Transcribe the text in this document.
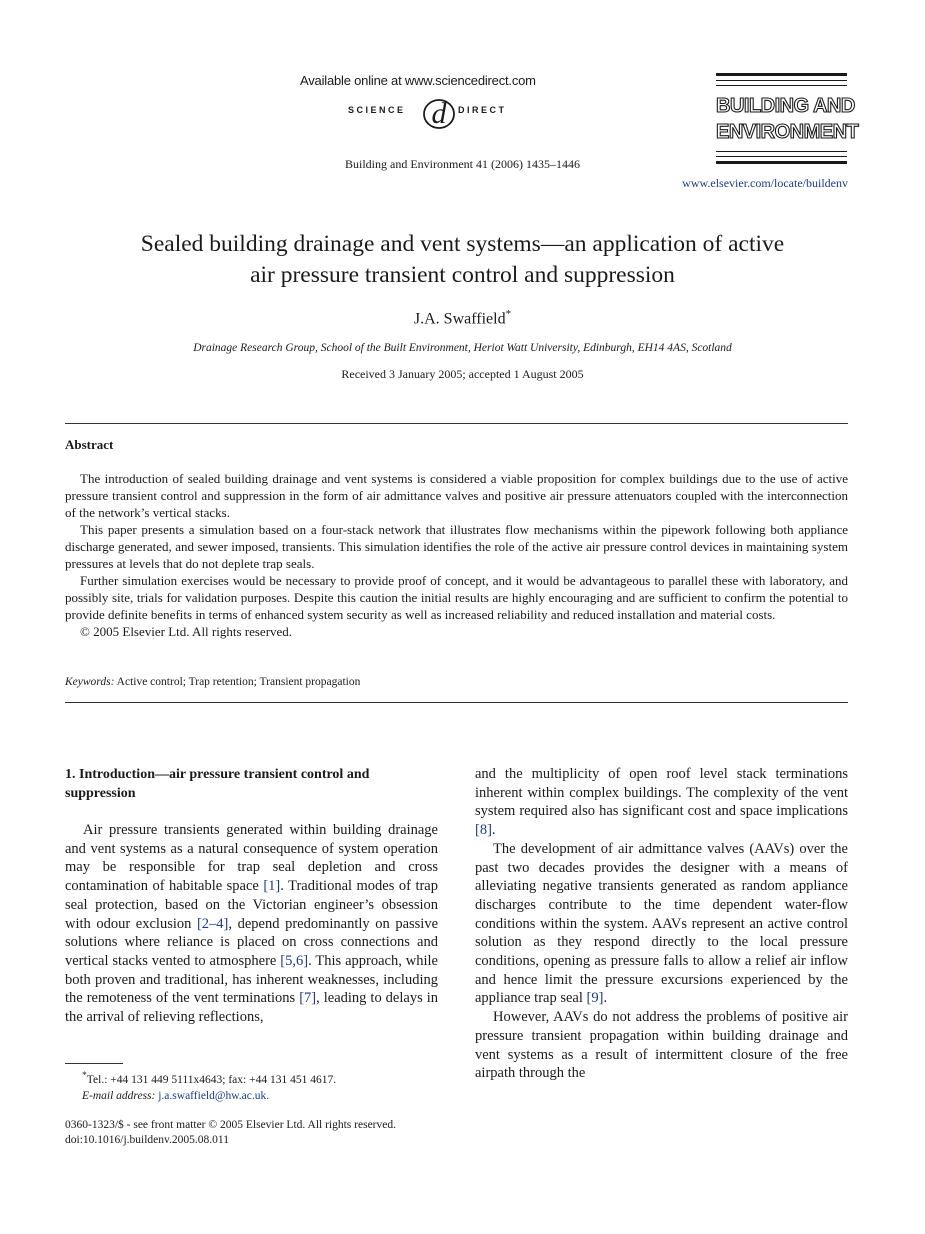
Available online at www.sciencedirect.com
SCIENCE d DIRECT
Building and Environment 41 (2006) 1435–1446
BUILDING AND
ENVIRONMENT
www.elsevier.com/locate/buildenv
Sealed building drainage and vent systems—an application of active
air pressure transient control and suppression
J.A. Swaffield*
Drainage Research Group, School of the Built Environment, Heriot Watt University, Edinburgh, EH14 4AS, Scotland
Received 3 January 2005; accepted 1 August 2005
Abstract

The introduction of sealed building drainage and vent systems is considered a viable proposition for complex buildings due to the use of active pressure transient control and suppression in the form of air admittance valves and positive air pressure attenuators coupled with the interconnection of the network’s vertical stacks.

This paper presents a simulation based on a four-stack network that illustrates flow mechanisms within the pipework following both appliance discharge generated, and sewer imposed, transients. This simulation identifies the role of the active air pressure control devices in maintaining system pressures at levels that do not deplete trap seals.

Further simulation exercises would be necessary to provide proof of concept, and it would be advantageous to parallel these with laboratory, and possibly site, trials for validation purposes. Despite this caution the initial results are highly encouraging and are sufficient to confirm the potential to provide definite benefits in terms of enhanced system security as well as increased reliability and reduced installation and material costs.

© 2005 Elsevier Ltd. All rights reserved.

Keywords: Active control; Trap retention; Transient propagation
1. Introduction—air pressure transient control and
suppression

Air pressure transients generated within building drainage and vent systems as a natural consequence of system operation may be responsible for trap seal depletion and cross contamination of habitable space [1]. Traditional modes of trap seal protection, based on the Victorian engineer’s obsession with odour exclusion [2–4], depend predominantly on passive solutions where reliance is placed on cross connections and vertical stacks vented to atmosphere [5,6]. This approach, while both proven and traditional, has inherent weaknesses, including the remoteness of the vent terminations [7], leading to delays in the arrival of relieving reflections,

and the multiplicity of open roof level stack terminations inherent within complex buildings. The complexity of the vent system required also has significant cost and space implications [8].

The development of air admittance valves (AAVs) over the past two decades provides the designer with a means of alleviating negative transients generated as random appliance discharges contribute to the time dependent water-flow conditions within the system. AAVs represent an active control solution as they respond directly to the local pressure conditions, opening as pressure falls to allow a relief air inflow and hence limit the pressure excursions experienced by the appliance trap seal [9].

However, AAVs do not address the problems of positive air pressure transient propagation within building drainage and vent systems as a result of intermittent closure of the free airpath through the

*Tel.: +44 131 449 5111x4643; fax: +44 131 451 4617.
E-mail address: j.a.swaffield@hw.ac.uk.
0360-1323/$ - see front matter © 2005 Elsevier Ltd. All rights reserved.
doi:10.1016/j.buildenv.2005.08.011
